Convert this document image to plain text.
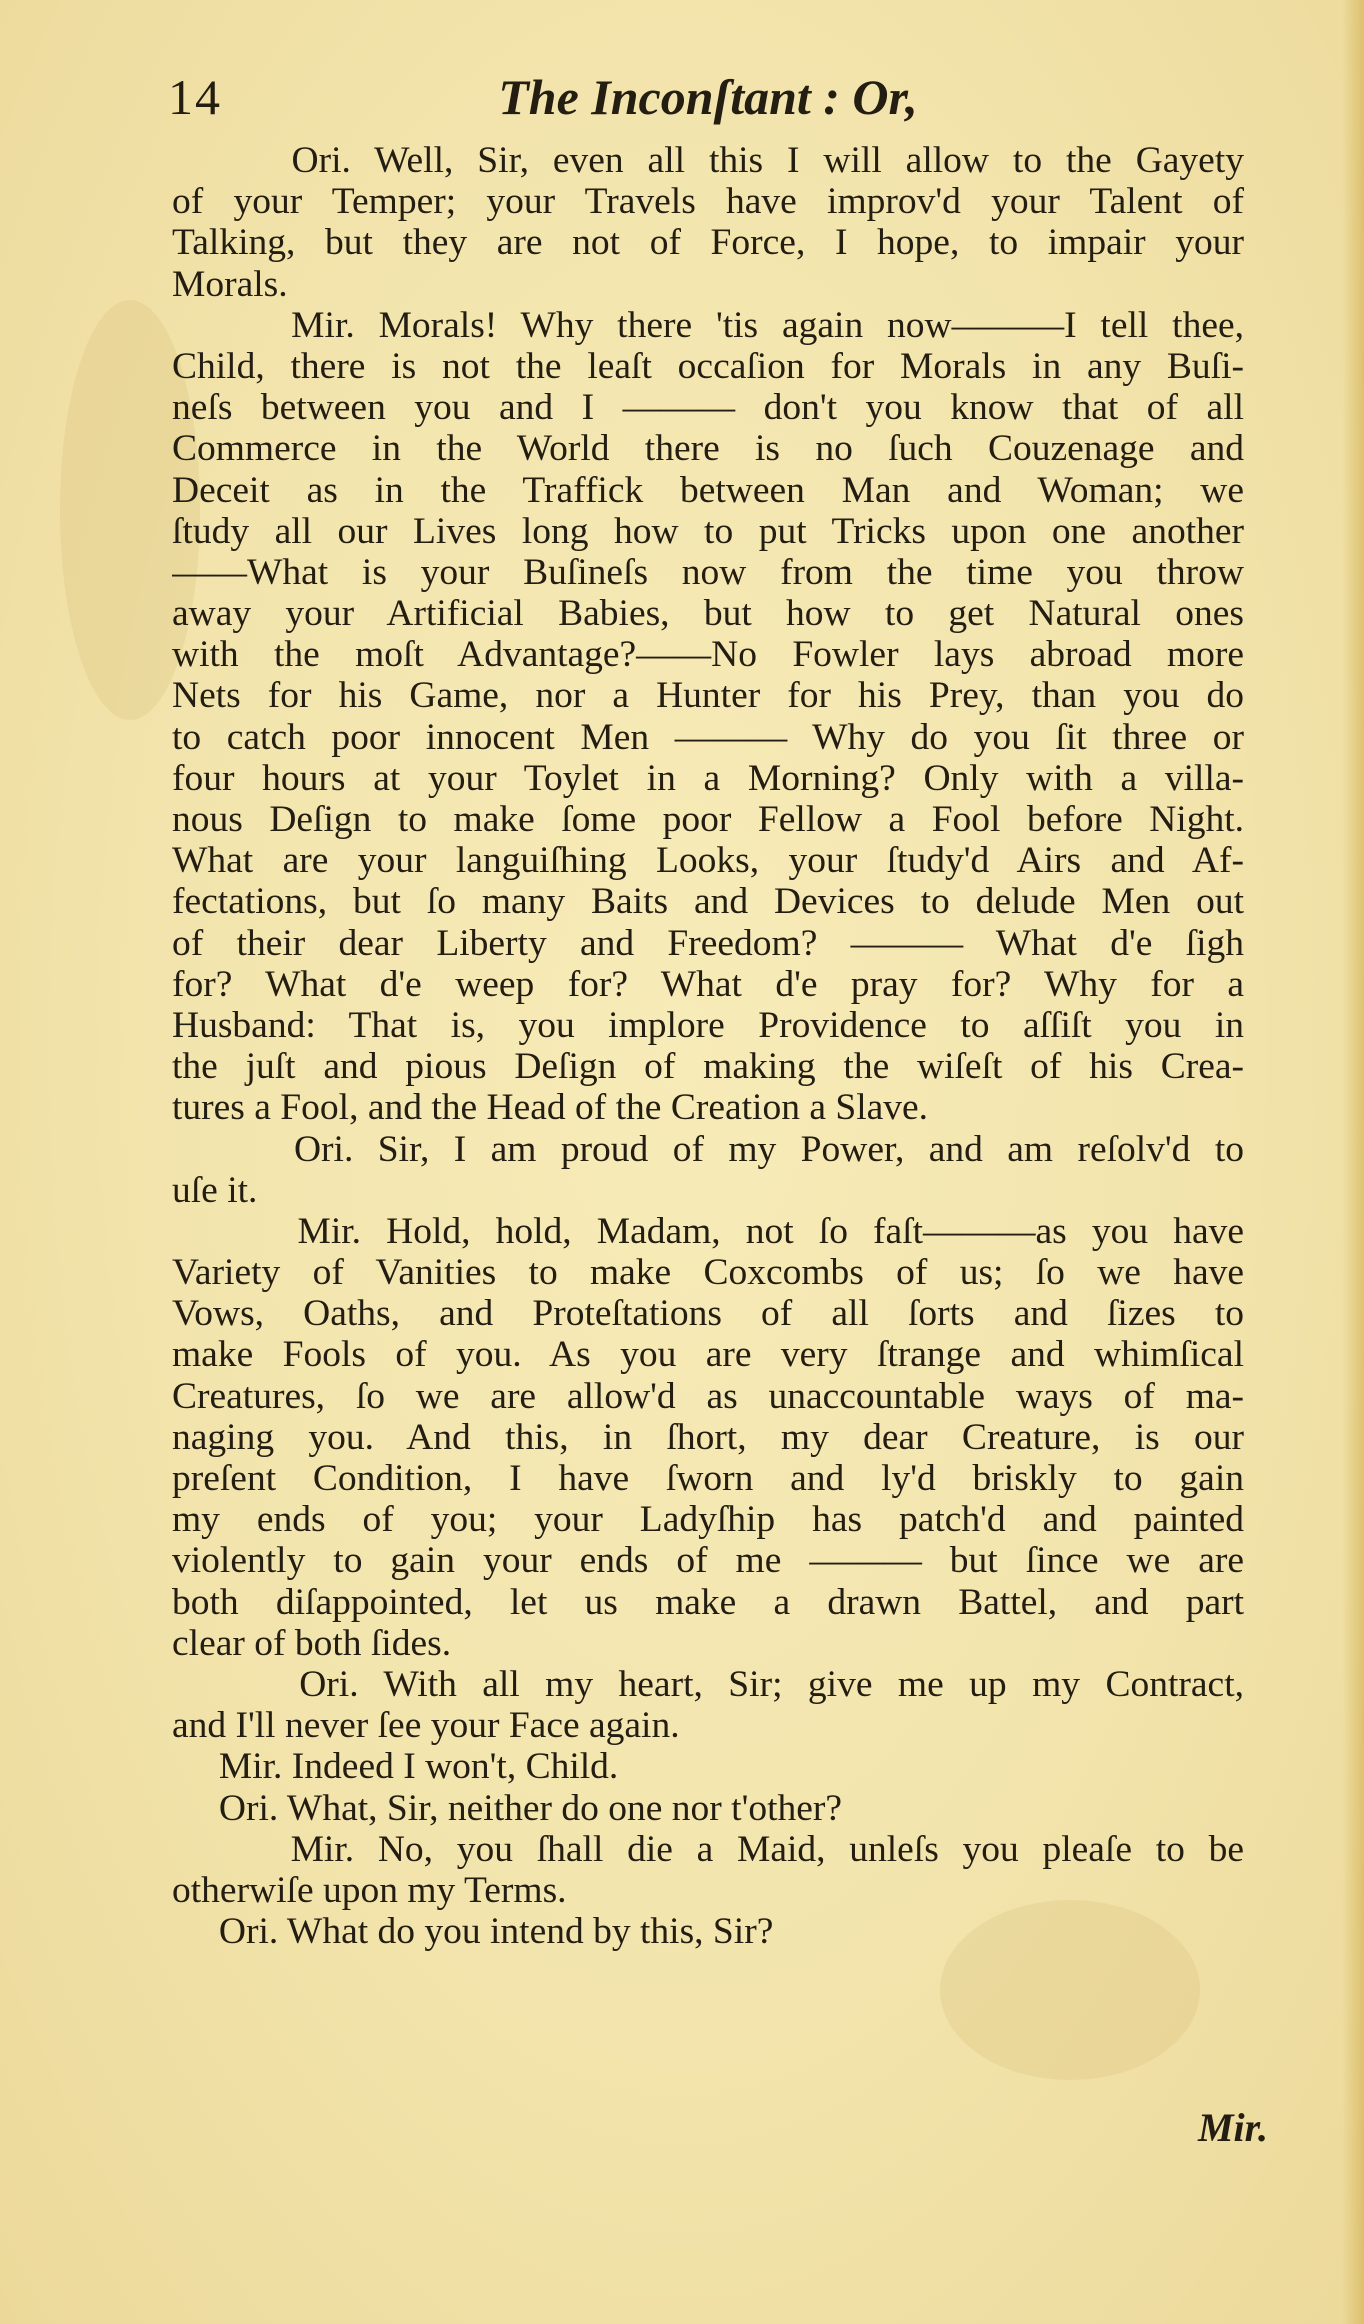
14	The Inconſtant : Or,
Ori. Well, Sir, even all this I will allow to the Gayety
of your Temper; your Travels have improv'd your Talent of
Talking, but they are not of Force, I hope, to impair your
Morals.
Mir. Morals! Why there 'tis again now———I tell thee,
Child, there is not the leaſt occaſion for Morals in any Buſi-
neſs between you and I ——— don't you know that of all
Commerce in the World there is no ſuch Couzenage and
Deceit as in the Traffick between Man and Woman; we
ſtudy all our Lives long how to put Tricks upon one another
——What is your Buſineſs now from the time you throw
away your Artificial Babies, but how to get Natural ones
with the moſt Advantage?——No Fowler lays abroad more
Nets for his Game, nor a Hunter for his Prey, than you do
to catch poor innocent Men ——— Why do you ſit three or
four hours at your Toylet in a Morning? Only with a villa-
nous Deſign to make ſome poor Fellow a Fool before Night.
What are your languiſhing Looks, your ſtudy'd Airs and Af-
fectations, but ſo many Baits and Devices to delude Men out
of their dear Liberty and Freedom? ——— What d'e ſigh
for? What d'e weep for? What d'e pray for? Why for a
Husband: That is, you implore Providence to aſſiſt you in
the juſt and pious Deſign of making the wiſeſt of his Crea-
tures a Fool, and the Head of the Creation a Slave.
Ori. Sir, I am proud of my Power, and am reſolv'd to
uſe it.
Mir. Hold, hold, Madam, not ſo faſt———as you have
Variety of Vanities to make Coxcombs of us; ſo we have
Vows, Oaths, and Proteſtations of all ſorts and ſizes to
make Fools of you. As you are very ſtrange and whimſical
Creatures, ſo we are allow'd as unaccountable ways of ma-
naging you. And this, in ſhort, my dear Creature, is our
preſent Condition, I have ſworn and ly'd briskly to gain
my ends of you; your Ladyſhip has patch'd and painted
violently to gain your ends of me ——— but ſince we are
both diſappointed, let us make a drawn Battel, and part
clear of both ſides.
Ori. With all my heart, Sir; give me up my Contract,
and I'll never ſee your Face again.
Mir. Indeed I won't, Child.
Ori. What, Sir, neither do one nor t'other?
Mir. No, you ſhall die a Maid, unleſs you pleaſe to be
otherwiſe upon my Terms.
Ori. What do you intend by this, Sir?
Mir.
